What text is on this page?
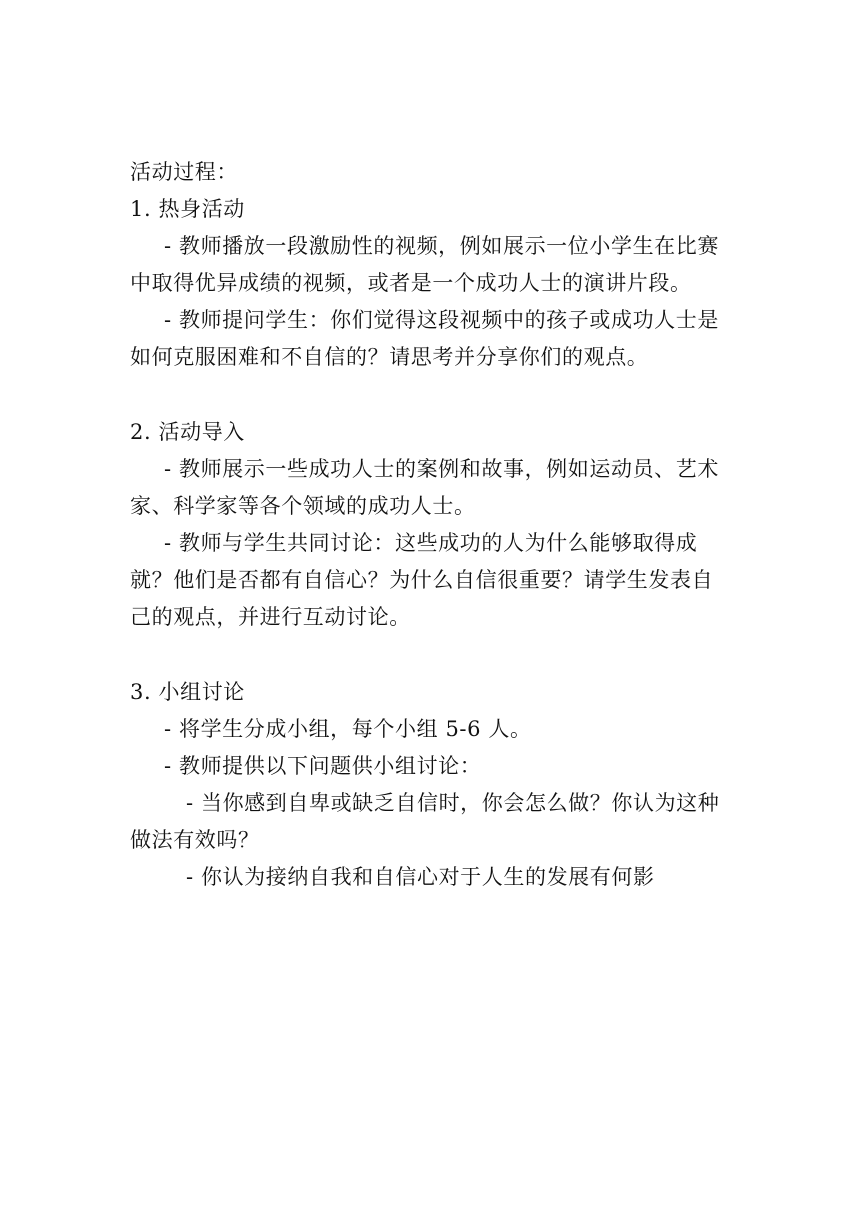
活动过程：

1. 热身活动

- 教师播放一段激励性的视频，例如展示一位小学生在比赛中取得优异成绩的视频，或者是一个成功人士的演讲片段。

- 教师提问学生：你们觉得这段视频中的孩子或成功人士是如何克服困难和不自信的？请思考并分享你们的观点。

2. 活动导入

- 教师展示一些成功人士的案例和故事，例如运动员、艺术家、科学家等各个领域的成功人士。

- 教师与学生共同讨论：这些成功的人为什么能够取得成就？他们是否都有自信心？为什么自信很重要？请学生发表自己的观点，并进行互动讨论。

3. 小组讨论

- 将学生分成小组，每个小组 5-6 人。

- 教师提供以下问题供小组讨论：

- 当你感到自卑或缺乏自信时，你会怎么做？你认为这种做法有效吗？

- 你认为接纳自我和自信心对于人生的发展有何影
